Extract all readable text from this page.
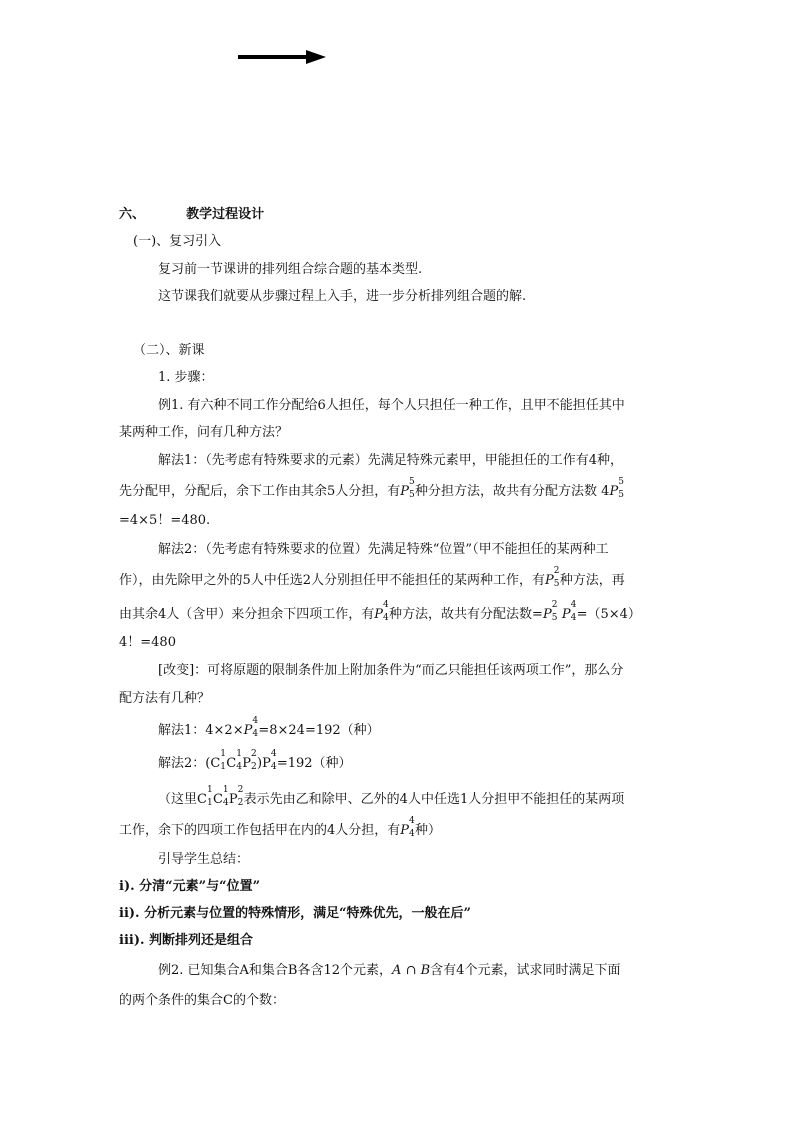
六、	教学过程设计
(一)、复习引入
复习前一节课讲的排列组合综合题的基本类型.
这节课我们就要从步骤过程上入手，进一步分析排列组合题的解.
（二）、新课
1. 步骤：
例1. 有六种不同工作分配给6人担任，每个人只担任一种工作，且甲不能担任其中
某两种工作，问有几种方法？
解法1：（先考虑有特殊要求的元素）先满足特殊元素甲，甲能担任的工作有4种，
先分配甲，分配后，余下工作由其余5人分担，有P
5
5 种分担方法，故共有分配方法数 4P
5
5
=4×5！=480.
解法2：（先考虑有特殊要求的位置）先满足特殊“位置”（甲不能担任的某两种工
作），由先除甲之外的5人中任选2人分别担任甲不能担任的某两种工作，有P
2
5 种方法，再
由其余4人（含甲）来分担余下四项工作，有P
4
4 种方法，故共有分配法数=P
2
5 P
4
4 =（5×4）
4！=480
[改变]：可将原题的限制条件加上附加条件为“而乙只能担任该两项工作”，那么分
配方法有几种？
解法1：4×2×P
4
4 =8×24=192（种）
解法2：(C
1
1 C
1
4 P
2
2 )P
4
4 =192（种）
（这里C
1
1 C
1
4 P
2
2 表示先由乙和除甲、乙外的4人中任选1人分担甲不能担任的某两项
工作，余下的四项工作包括甲在内的4人分担，有P
4
4 种）
引导学生总结：
i). 分清“元素”与“位置”
ii). 分析元素与位置的特殊情形，满足“特殊优先，一般在后”
iii). 判断排列还是组合
例2. 已知集合A和集合B各含12个元素，A ∩ B含有4个元素，试求同时满足下面
的两个条件的集合C的个数：
